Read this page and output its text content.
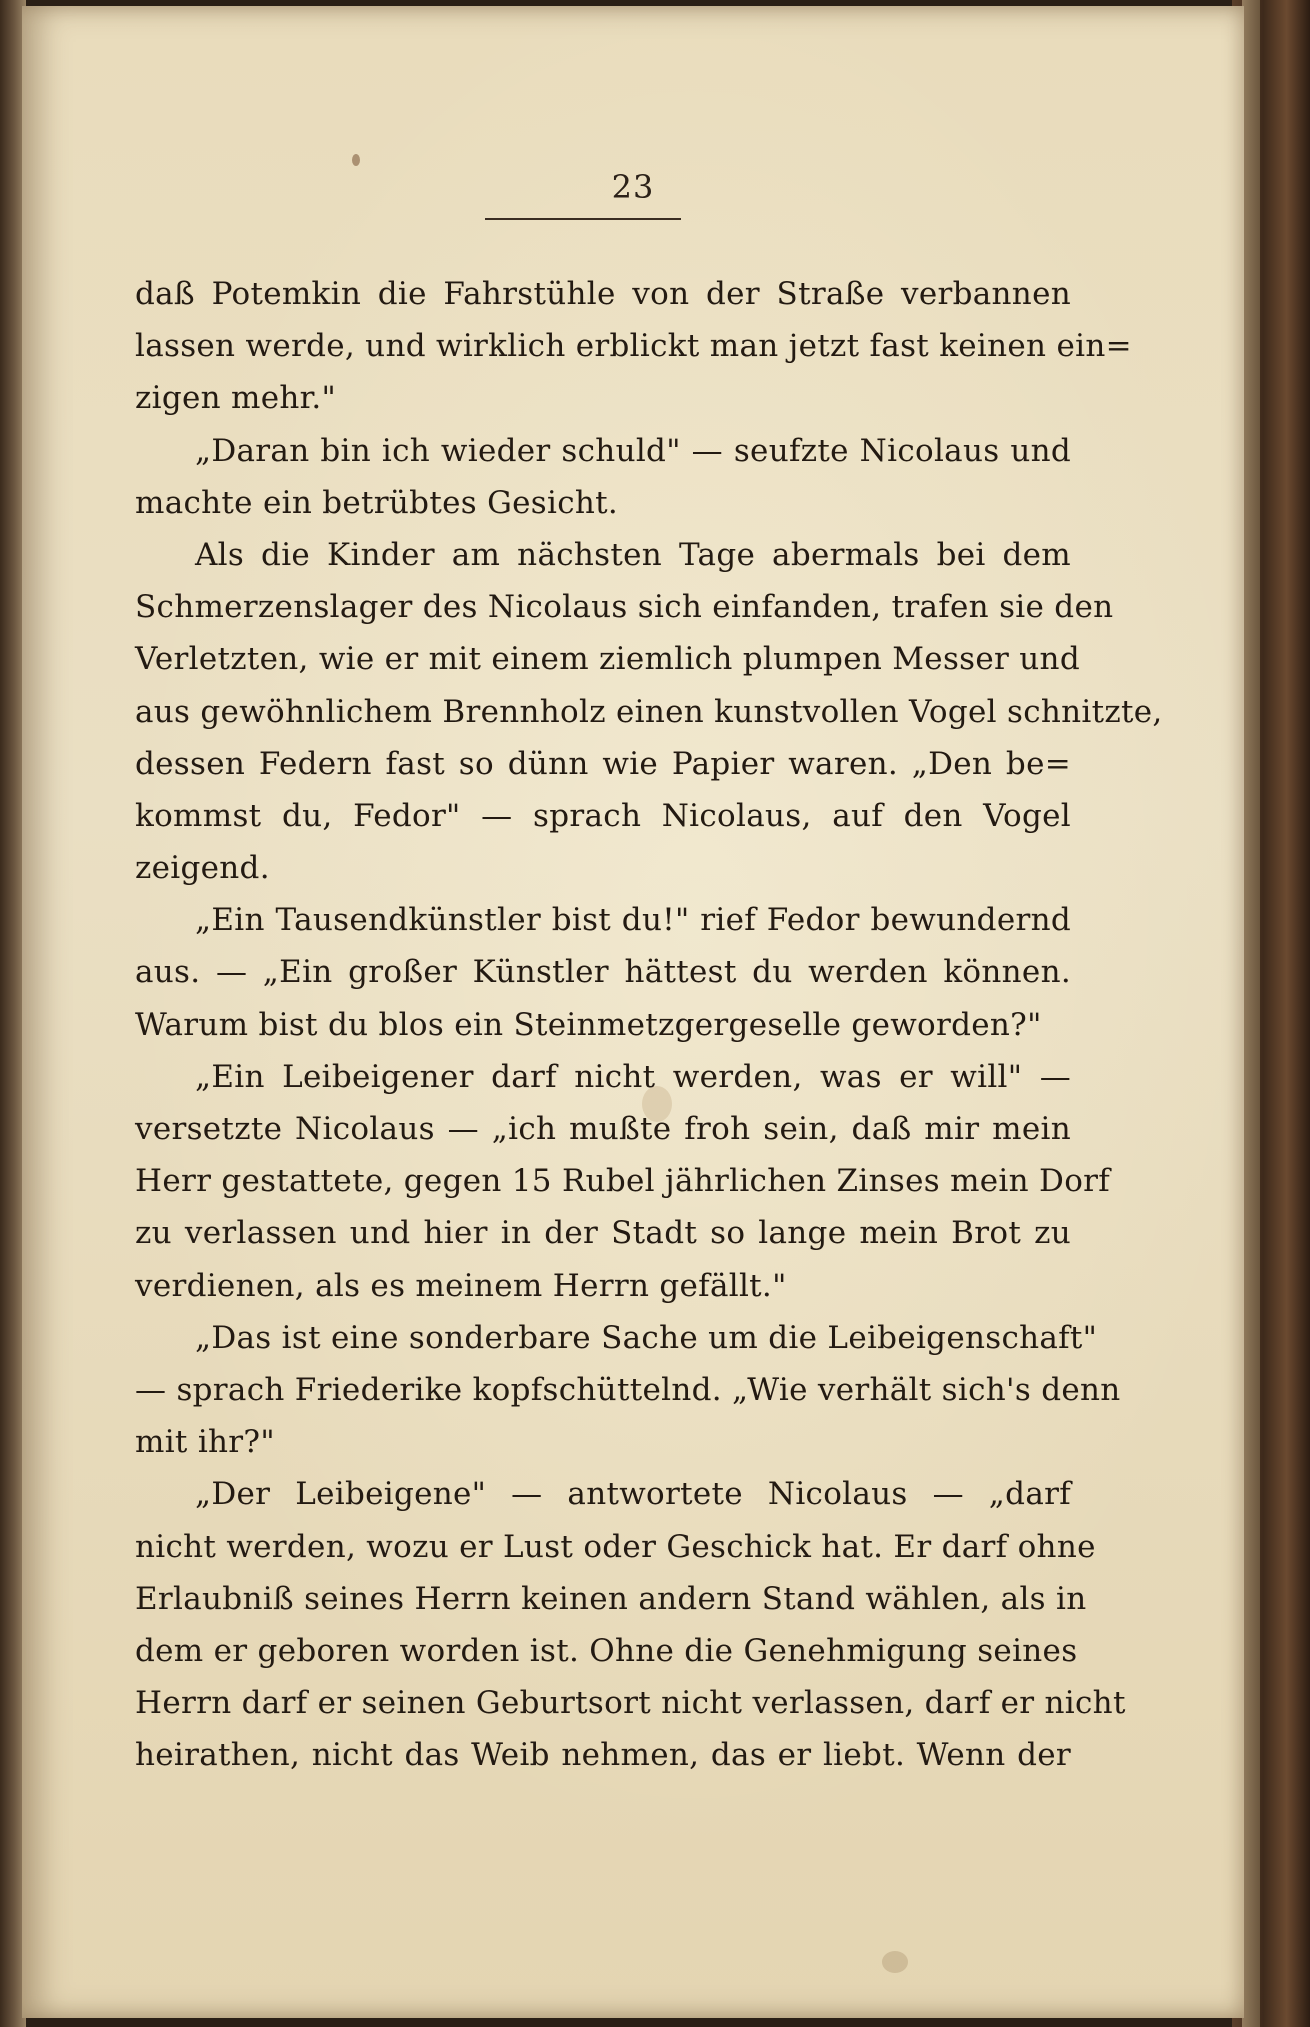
23
daß Potemkin die Fahrstühle von der Straße verbannen
lassen werde, und wirklich erblickt man jetzt fast keinen ein=
zigen mehr."
„Daran bin ich wieder schuld" — seufzte Nicolaus und
machte ein betrübtes Gesicht.
Als die Kinder am nächsten Tage abermals bei dem
Schmerzenslager des Nicolaus sich einfanden, trafen sie den
Verletzten, wie er mit einem ziemlich plumpen Messer und
aus gewöhnlichem Brennholz einen kunstvollen Vogel schnitzte,
dessen Federn fast so dünn wie Papier waren. „Den be=
kommst du, Fedor" — sprach Nicolaus, auf den Vogel
zeigend.
„Ein Tausendkünstler bist du!" rief Fedor bewundernd
aus. — „Ein großer Künstler hättest du werden können.
Warum bist du blos ein Steinmetzgergeselle geworden?"
„Ein Leibeigener darf nicht werden, was er will" —
versetzte Nicolaus — „ich mußte froh sein, daß mir mein
Herr gestattete, gegen 15 Rubel jährlichen Zinses mein Dorf
zu verlassen und hier in der Stadt so lange mein Brot zu
verdienen, als es meinem Herrn gefällt."
„Das ist eine sonderbare Sache um die Leibeigenschaft"
— sprach Friederike kopfschüttelnd. „Wie verhält sich's denn
mit ihr?"
„Der Leibeigene" — antwortete Nicolaus — „darf
nicht werden, wozu er Lust oder Geschick hat. Er darf ohne
Erlaubniß seines Herrn keinen andern Stand wählen, als in
dem er geboren worden ist. Ohne die Genehmigung seines
Herrn darf er seinen Geburtsort nicht verlassen, darf er nicht
heirathen, nicht das Weib nehmen, das er liebt. Wenn der
